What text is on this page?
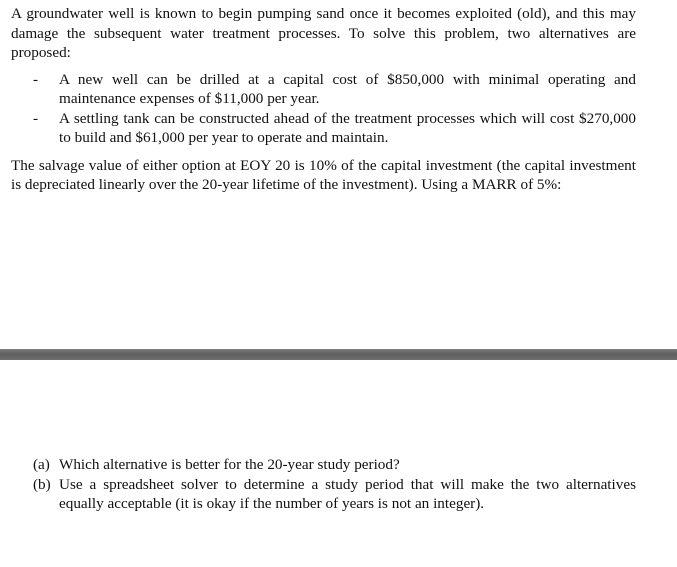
A groundwater well is known to begin pumping sand once it becomes exploited (old), and this may damage the subsequent water treatment processes. To solve this problem, two alternatives are proposed:

- A new well can be drilled at a capital cost of $850,000 with minimal operating and maintenance expenses of $11,000 per year.
- A settling tank can be constructed ahead of the treatment processes which will cost $270,000 to build and $61,000 per year to operate and maintain.

The salvage value of either option at EOY 20 is 10% of the capital investment (the capital investment is depreciated linearly over the 20-year lifetime of the investment). Using a MARR of 5%:

(a) Which alternative is better for the 20-year study period?
(b) Use a spreadsheet solver to determine a study period that will make the two alternatives equally acceptable (it is okay if the number of years is not an integer).
